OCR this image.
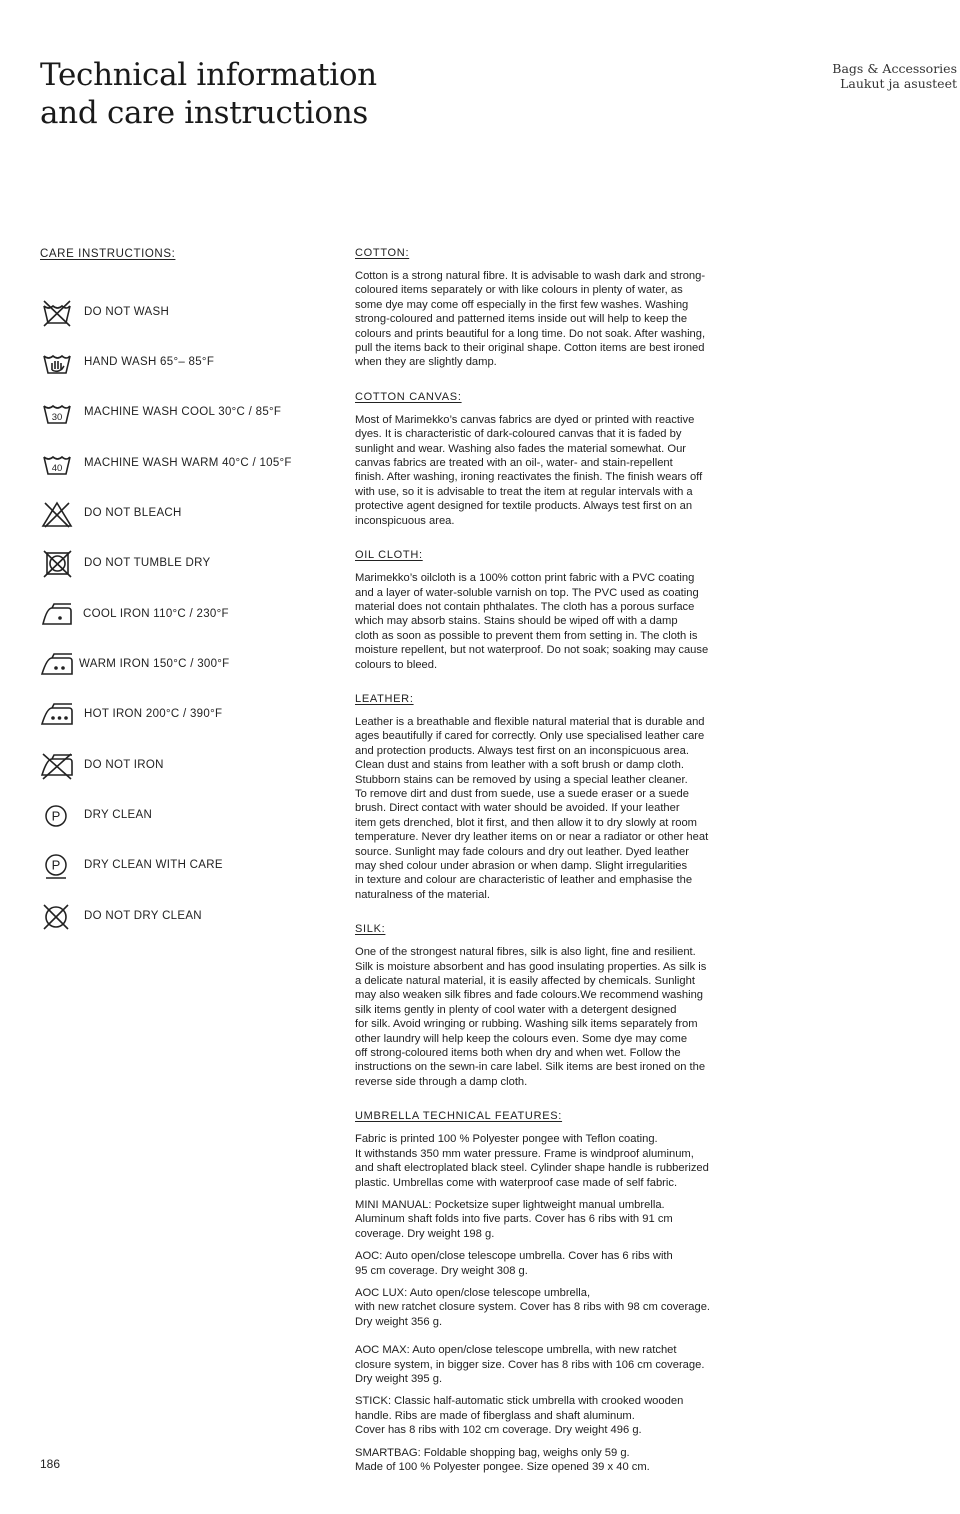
Technical information
and care instructions
Bags & Accessories
Laukut ja asusteet
CARE INSTRUCTIONS:
DO NOT WASH
HAND WASH 65°– 85°F
30 MACHINE WASH COOL 30°C / 85°F
40 MACHINE WASH WARM 40°C / 105°F
DO NOT BLEACH
DO NOT TUMBLE DRY
COOL IRON 110°C / 230°F
WARM IRON 150°C / 300°F
HOT IRON 200°C / 390°F
DO NOT IRON
P DRY CLEAN
P DRY CLEAN WITH CARE
DO NOT DRY CLEAN
COTTON:

Cotton is a strong natural fibre. It is advisable to wash dark and strong-
coloured items separately or with like colours in plenty of water, as
some dye may come off especially in the first few washes. Washing
strong-coloured and patterned items inside out will help to keep the
colours and prints beautiful for a long time. Do not soak. After washing,
pull the items back to their original shape. Cotton items are best ironed
when they are slightly damp.

COTTON CANVAS:

Most of Marimekko’s canvas fabrics are dyed or printed with reactive
dyes. It is characteristic of dark-coloured canvas that it is faded by
sunlight and wear. Washing also fades the material somewhat. Our
canvas fabrics are treated with an oil-, water- and stain-repellent
finish. After washing, ironing reactivates the finish. The finish wears off
with use, so it is advisable to treat the item at regular intervals with a
protective agent designed for textile products. Always test first on an
inconspicuous area.

OIL CLOTH:

Marimekko’s oilcloth is a 100% cotton print fabric with a PVC coating
and a layer of water-soluble varnish on top. The PVC used as coating
material does not contain phthalates. The cloth has a porous surface
which may absorb stains. Stains should be wiped off with a damp
cloth as soon as possible to prevent them from setting in. The cloth is
moisture repellent, but not waterproof. Do not soak; soaking may cause
colours to bleed.

LEATHER:

Leather is a breathable and flexible natural material that is durable and
ages beautifully if cared for correctly. Only use specialised leather care
and protection products. Always test first on an inconspicuous area.
Clean dust and stains from leather with a soft brush or damp cloth.
Stubborn stains can be removed by using a special leather cleaner.
To remove dirt and dust from suede, use a suede eraser or a suede
brush. Direct contact with water should be avoided. If your leather
item gets drenched, blot it first, and then allow it to dry slowly at room
temperature. Never dry leather items on or near a radiator or other heat
source. Sunlight may fade colours and dry out leather. Dyed leather
may shed colour under abrasion or when damp. Slight irregularities
in texture and colour are characteristic of leather and emphasise the
naturalness of the material.

SILK:

One of the strongest natural fibres, silk is also light, fine and resilient.
Silk is moisture absorbent and has good insulating properties. As silk is
a delicate natural material, it is easily affected by chemicals. Sunlight
may also weaken silk fibres and fade colours.We recommend washing
silk items gently in plenty of cool water with a detergent designed
for silk. Avoid wringing or rubbing. Washing silk items separately from
other laundry will help keep the colours even. Some dye may come
off strong-coloured items both when dry and when wet. Follow the
instructions on the sewn-in care label. Silk items are best ironed on the
reverse side through a damp cloth.

UMBRELLA TECHNICAL FEATURES:

Fabric is printed 100 % Polyester pongee with Teflon coating.
It withstands 350 mm water pressure. Frame is windproof aluminum,
and shaft electroplated black steel. Cylinder shape handle is rubberized
plastic. Umbrellas come with waterproof case made of self fabric.

MINI MANUAL: Pocketsize super lightweight manual umbrella.
Aluminum shaft folds into five parts. Cover has 6 ribs with 91 cm
coverage. Dry weight 198 g.

AOC: Auto open/close telescope umbrella. Cover has 6 ribs with
95 cm coverage. Dry weight 308 g.

AOC LUX: Auto open/close telescope umbrella,
with new ratchet closure system. Cover has 8 ribs with 98 cm coverage.
Dry weight 356 g.

AOC MAX: Auto open/close telescope umbrella, with new ratchet
closure system, in bigger size. Cover has 8 ribs with 106 cm coverage.
Dry weight 395 g.

STICK: Classic half-automatic stick umbrella with crooked wooden
handle. Ribs are made of fiberglass and shaft aluminum.
Cover has 8 ribs with 102 cm coverage. Dry weight 496 g.

SMARTBAG: Foldable shopping bag, weighs only 59 g.
Made of 100 % Polyester pongee. Size opened 39 x 40 cm.

186
